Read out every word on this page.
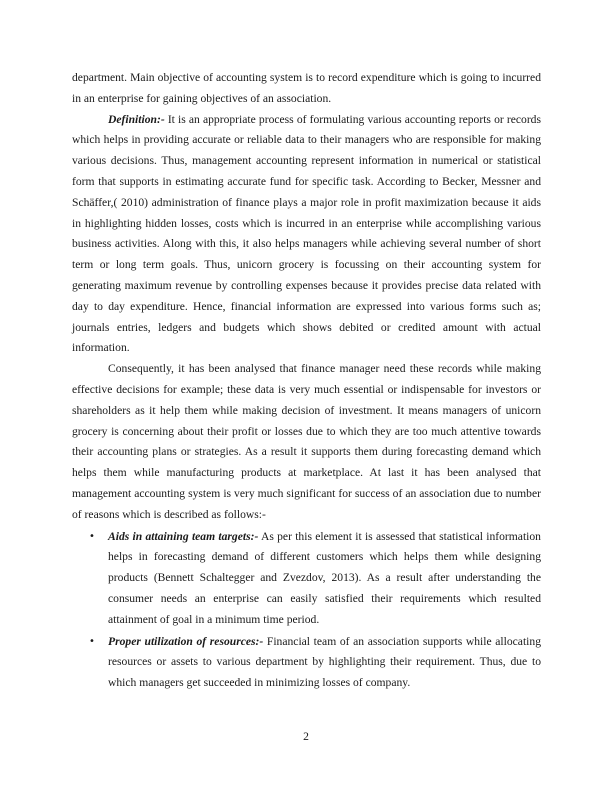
department. Main objective of accounting system is to record expenditure which is going to incurred in an enterprise for gaining objectives of an association.

Definition:- It is an appropriate process of formulating various accounting reports or records which helps in providing accurate or reliable data to their managers who are responsible for making various decisions. Thus, management accounting represent information in numerical or statistical form that supports in estimating accurate fund for specific task. According to Becker, Messner and Schäffer,( 2010) administration of finance plays a major role in profit maximization because it aids in highlighting hidden losses, costs which is incurred in an enterprise while accomplishing various business activities. Along with this, it also helps managers while achieving several number of short term or long term goals. Thus, unicorn grocery is focussing on their accounting system for generating maximum revenue by controlling expenses because it provides precise data related with day to day expenditure. Hence, financial information are expressed into various forms such as; journals entries, ledgers and budgets which shows debited or credited amount with actual information.

Consequently, it has been analysed that finance manager need these records while making effective decisions for example; these data is very much essential or indispensable for investors or shareholders as it help them while making decision of investment. It means managers of unicorn grocery is concerning about their profit or losses due to which they are too much attentive towards their accounting plans or strategies. As a result it supports them during forecasting demand which helps them while manufacturing products at marketplace. At last it has been analysed that management accounting system is very much significant for success of an association due to number of reasons which is described as follows:-

• Aids in attaining team targets:- As per this element it is assessed that statistical information helps in forecasting demand of different customers which helps them while designing products (Bennett Schaltegger and Zvezdov, 2013). As a result after understanding the consumer needs an enterprise can easily satisfied their requirements which resulted attainment of goal in a minimum time period.
• Proper utilization of resources:- Financial team of an association supports while allocating resources or assets to various department by highlighting their requirement. Thus, due to which managers get succeeded in minimizing losses of company.
2
